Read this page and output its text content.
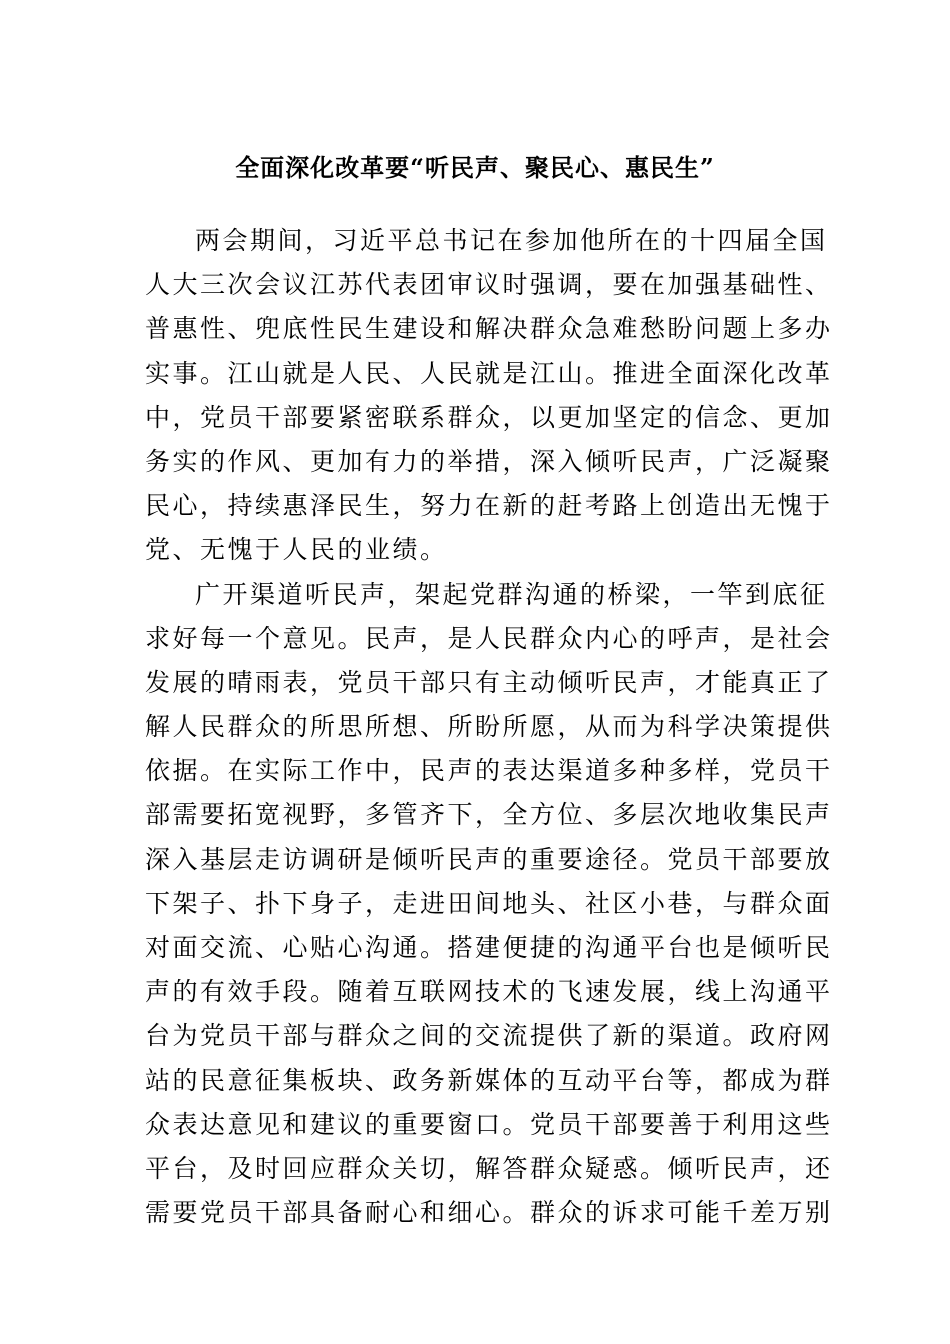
全面深化改革要“听民声、聚民心、惠民生”
两会期间，习近平总书记在参加他所在的十四届全国
人大三次会议江苏代表团审议时强调，要在加强基础性、
普惠性、兜底性民生建设和解决群众急难愁盼问题上多办
实事。江山就是人民、人民就是江山。推进全面深化改革
中，党员干部要紧密联系群众，以更加坚定的信念、更加
务实的作风、更加有力的举措，深入倾听民声，广泛凝聚
民心，持续惠泽民生，努力在新的赶考路上创造出无愧于
党、无愧于人民的业绩。
广开渠道听民声，架起党群沟通的桥梁，一竿到底征
求好每一个意见。民声，是人民群众内心的呼声，是社会
发展的晴雨表，党员干部只有主动倾听民声，才能真正了
解人民群众的所思所想、所盼所愿，从而为科学决策提供
依据。在实际工作中，民声的表达渠道多种多样，党员干
部需要拓宽视野，多管齐下，全方位、多层次地收集民声
深入基层走访调研是倾听民声的重要途径。党员干部要放
下架子、扑下身子，走进田间地头、社区小巷，与群众面
对面交流、心贴心沟通。搭建便捷的沟通平台也是倾听民
声的有效手段。随着互联网技术的飞速发展，线上沟通平
台为党员干部与群众之间的交流提供了新的渠道。政府网
站的民意征集板块、政务新媒体的互动平台等，都成为群
众表达意见和建议的重要窗口。党员干部要善于利用这些
平台，及时回应群众关切，解答群众疑惑。倾听民声，还
需要党员干部具备耐心和细心。群众的诉求可能千差万别
